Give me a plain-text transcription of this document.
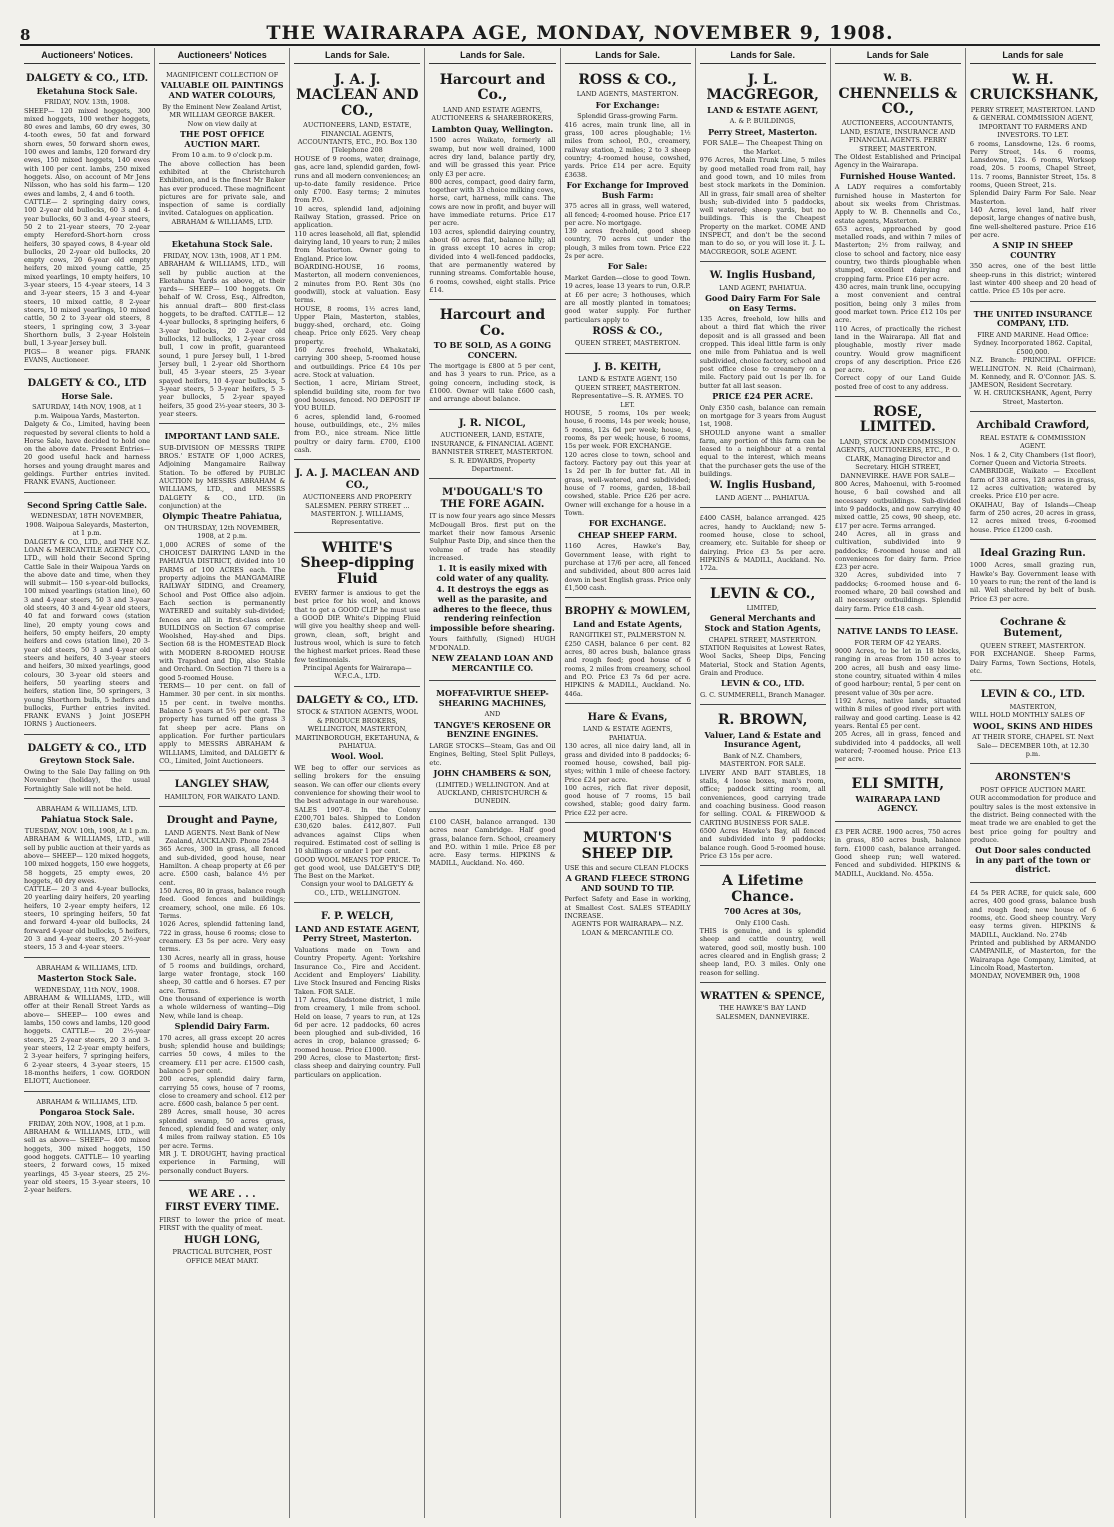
8	THE WAIRARAPA AGE, MONDAY, NOVEMBER 9, 1908.
Auctioneers' Notices.
DALGETY & CO., LTD.
Eketahuna Stock Sale.
FRIDAY, NOV. 13th, 1908.
SHEEP— 120 mixed hoggets, 300 mixed hoggets, 100 wether hoggets, 80 ewes and lambs, 60 dry ewes, 30 4-tooth ewes, 50 fat and forward shorn ewes, 50 forward shorn ewes, 100 ewes and lambs, 120 forward dry ewes, 150 mixed hoggets, 140 ewes with 100 per cent. lambs, 250 mixed hoggets. Also, on account of Mr Jens Nilsson, who has sold his farm— 120 ewes and lambs, 2, 4 and 6 tooth.
CATTLE— 2 springing dairy cows, 100 2-year old bullocks, 60 3 and 4-year bullocks, 60 3 and 4-year steers, 50 2 to 21-year steers, 70 2-year empty Hereford-Short-horn cross heifers, 30 spayed cows, 8 4-year old bullocks, 20 2-year old bullocks, 20 empty cows, 20 6-year old empty heifers, 20 mixed young cattle, 25 mixed yearlings, 10 empty heifers, 10 3-year steers, 15 4-year steers, 14 3 and 3-year steers, 15 3 and 4-year steers, 10 mixed cattle, 8 2-year steers, 10 mixed yearlings, 10 mixed cattle, 50 2 to 3-year old steers, 8 steers, 1 springing cow, 3 3-year Shorthorn bulls, 3 2-year Holstein bull, 1 3-year Jersey bull.
PIGS— 8 weaner pigs. FRANK EVANS, Auctioneer.
DALGETY & CO., LTD
Horse Sale.
SATURDAY, 14th NOV, 1908, at 1 p.m. Waipoua Yards, Masterton.
Dalgety & Co., Limited, having been requested by several clients to hold a Horse Sale, have decided to hold one on the above date. Present Entries— 20 good useful hack and harness horses and young draught mares and geldings. Further entries invited. FRANK EVANS, Auctioneer.
Second Spring Cattle Sale.
WEDNESDAY, 18TH NOVEMBER, 1908. Waipoua Saleyards, Masterton, at 1 p.m.
DALGETY & CO., LTD., and THE N.Z. LOAN & MERCANTILE AGENCY CO., LTD., will hold their Second Spring Cattle Sale in their Waipoua Yards on the above date and time, when they will submit— 150 s-year-old bullocks, 100 mixed yearlings (station line), 60 3 and 4-year steers, 50 3 and 3-year old steers, 40 3 and 4-year old steers, 40 fat and forward cows (station line), 20 empty young cows and heifers, 50 empty heifers, 20 empty heifers and cows (station line), 20 3-year old steers, 50 3 and 4-year old steers and heifers, 40 3-year steers and heifers, 30 mixed yearlings, good colours, 30 3-year old steers and heifers, 50 yearling steers and heifers, station line, 50 springers, 3 young Shorthorn bulls, 5 heifers and bullocks, Further entries invited. FRANK EVANS } Joint JOSEPH IORNS } Auctioneers.
DALGETY & CO., LTD
Greytown Stock Sale.
Owing to the Sale Day falling on 9th November (holiday), the usual Fortnightly Sale will not be held.
ABRAHAM & WILLIAMS, LTD.
Pahiatua Stock Sale.
TUESDAY, NOV. 10th, 1908, At 1 p.m.
ABRAHAM & WILLIAMS, LTD., will sell by public auction at their yards as above— SHEEP— 120 mixed hoggets, 100 mixed hoggets, 150 ewe hoggets, 58 hoggets, 25 empty ewes, 20 hoggets, 40 dry ewes.
CATTLE— 20 3 and 4-year bullocks, 20 yearling dairy heifers, 20 yearling heifers, 10 2-year empty heifers, 12 steers, 10 springing heifers, 50 fat and forward 4-year old bullocks, 24 forward 4-year old bullocks, 5 heifers, 20 3 and 4-year steers, 20 2½-year steers, 15 3 and 4-year steers.
ABRAHAM & WILLIAMS, LTD.
Masterton Stock Sale.
WEDNESDAY, 11th NOV., 1908.
ABRAHAM & WILLIAMS, LTD., will offer at their Renall Street Yards as above— SHEEP— 100 ewes and lambs, 150 cows and lambs, 120 good hoggets. CATTLE— 20 2½-year steers, 25 2-year steers, 20 3 and 3-year steers, 12 2-year empty heifers, 2 3-year heifers, 7 springing heifers, 6 2-year steers, 4 3-year steers, 15 18-months heifers, 1 cow. GORDON ELIOTT, Auctioneer.
ABRAHAM & WILLIAMS, LTD.
Pongaroa Stock Sale.
FRIDAY, 20th NOV., 1908, at 1 p.m.
ABRAHAM & WILLIAMS, LTD., will sell as above— SHEEP— 400 mixed hoggets, 300 mixed hoggets, 150 good hoggets. CATTLE— 10 yearling steers, 2 forward cows, 15 mixed yearlings, 45 3-year steers, 25 2½-year old steers, 15 3-year steers, 10 2-year heifers.
Auctioneers' Notices
MAGNIFICENT COLLECTION OF
VALUABLE OIL PAINTINGS AND WATER COLOURS,
By the Eminent New Zealand Artist, MR WILLIAM GEORGE BAKER.
Now on view daily at
THE POST OFFICE AUCTION MART.
From 10 a.m. to 9 o'clock p.m.
The above collection has been exhibited at the Christchurch Exhibition, and is the finest Mr Baker has ever produced. These magnificent pictures are for private sale, and inspection of same is cordially invited. Catalogues on application.
ABRAHAM & WILLIAMS, LTD.
Eketahuna Stock Sale.
FRIDAY, NOV. 13th, 1908, AT 1 P.M.
ABRAHAM & WILLIAMS, LTD., will sell by public auction at the Eketahuna Yards as above, at their yards— SHEEP— 100 hoggets. On behalf of W. Cross, Esq., Alfredton, his annual draft— 800 first-class hoggets, to be drafted. CATTLE— 12 4-year bullocks, 8 springing heifers, 6 3-year bullocks, 20 2-year old bullocks, 12 bullocks, 1 2-year cross bull, 1 cow in profit, guaranteed sound, 1 pure Jersey bull, 1 1-bred Jersey bull, 1 2-year old Shorthorn bull, 45 3-year steers, 25 3-year spayed heifers, 10 4-year bullocks, 5 3-year steers, 5 3-year heifers, 5 3-year bullocks, 5 2-year spayed heifers, 35 good 2½-year steers, 30 3-year steers.
IMPORTANT LAND SALE.
SUB-DIVISION OF MESSRS TRIPE BROS.' ESTATE OF 1,000 ACRES, Adjoining Mangamaire Railway Station. To be offered by PUBLIC AUCTION by MESSRS ABRAHAM & WILLIAMS, LTD., and MESSRS DALGETY & CO., LTD. (in conjunction) at the
Olympic Theatre Pahiatua,
ON THURSDAY, 12th NOVEMBER, 1908, at 2 p.m.
1,000 ACRES of some of the CHOICEST DAIRYING LAND in the PAHIATUA DISTRICT, divided into 10 FARMS of 100 ACRES each. The property adjoins the MANGAMAIRE RAILWAY SIDING, and Creamery, School and Post Office also adjoin. Each section is permanently WATERED and suitably sub-divided; fences are all in first-class order. BUILDINGS on Section 67 comprise Woolshed, Hay-shed and Dips. Section 68 is the HOMESTEAD Block with MODERN 8-ROOMED HOUSE with Trapshed and Dip, also Stable and Orchard. On Section 71 there is a good 5-roomed House.
TERMS— 10 per cent. on fall of Hammer. 30 per cent. in six months. 15 per cent. in twelve months. Balance 5 years at 5½ per cent. The property has turned off the grass 3 fat sheep per acre. Plans on application. For further particulars apply to MESSRS ABRAHAM & WILLIAMS, Limited, and DALGETY & CO., Limited, Joint Auctioneers.
LANGLEY SHAW,
HAMILTON, FOR WAIKATO LAND.
Drought and Payne,
LAND AGENTS. Next Bank of New Zealand, AUCKLAND. Phone 2544
365 Acres, 300 in grass, all fenced and sub-divided, good house, near Hamilton. A cheap property at £6 per acre. £500 cash, balance 4½ per cent.
150 Acres, 80 in grass, balance rough feed. Good fences and buildings; creamery, school, one mile. £6 10s. Terms.
1026 Acres, splendid fattening land, 722 in grass, house 6 rooms; close to creamery. £3 5s per acre. Very easy terms.
130 Acres, nearly all in grass, house of 5 rooms and buildings, orchard, large water frontage, stock 160 sheep, 30 cattle and 6 horses. £7 per acre. Terms.
One thousand of experience is worth a whole wilderness of wanting—Dig New, while land is cheap.
Splendid Dairy Farm.
170 acres, all grass except 20 acres bush; splendid house and buildings; carries 50 cows, 4 miles to the creamery. £11 per acre. £1500 cash, balance 5 per cent.
200 acres, splendid dairy farm, carrying 55 cows, house of 7 rooms, close to creamery and school. £12 per acre. £600 cash, balance 5 per cent.
289 Acres, small house, 30 acres splendid swamp, 50 acres grass, fenced, splendid feed and water, only 4 miles from railway station. £5 10s per acre. Terms.
MR J. T. DROUGHT, having practical experience in Farming, will personally conduct Buyers.
WE ARE . . .
FIRST EVERY TIME.
FIRST to lower the price of meat. FIRST with the quality of meat.
HUGH LONG,
PRACTICAL BUTCHER, POST OFFICE MEAT MART.
Lands for Sale.
J. A. J. MACLEAN AND CO.,
AUCTIONEERS, LAND, ESTATE, FINANCIAL AGENTS, ACCOUNTANTS, ETC., P.O. Box 130 [Telephone 208
HOUSE of 9 rooms, water, drainage, gas, acre land, splendid garden, fowl-runs and all modern conveniences; an up-to-date family residence. Price only £700. Easy terms; 2 minutes from P.O.
10 acres, splendid land, adjoining Railway Station, grassed. Price on application.
110 acres leasehold, all flat, splendid dairying land, 10 years to run; 2 miles from Masterton. Owner going to England. Price low.
BOARDING-HOUSE, 16 rooms, Masterton, all modern conveniences, 2 minutes from P.O. Rent 30s (no goodwill), stock at valuation. Easy terms.
HOUSE, 8 rooms, 1½ acres land, Upper Plain, Masterton, stables, buggy-shed, orchard, etc. Going cheap. Price only £625. Very cheap property.
160 Acres freehold, Whakataki, carrying 300 sheep, 5-roomed house and outbuildings. Price £4 10s per acre. Stock at valuation.
Section, 1 acre, Miriam Street, splendid building site, room for two good houses, fenced. NO DEPOSIT IF YOU BUILD.
6 acres, splendid land, 6-roomed house, outbuildings, etc., 2½ miles from P.O., nice stream. Nice little poultry or dairy farm. £700, £100 cash.
J. A. J. MACLEAN AND CO.,
AUCTIONEERS AND PROPERTY SALESMEN. PERRY STREET ... MASTERTON. J. WILLIAMS, Representative.
WHITE'S Sheep-dipping Fluid
EVERY farmer is anxious to get the best price for his wool, and knows that to get a GOOD CLIP he must use a GOOD DIP. White's Dipping Fluid will give you healthy sheep and well-grown, clean, soft, bright and lustrous wool, which is sure to fetch the highest market prices. Read these few testimonials.
Principal Agents for Wairarapa— W.F.C.A., LTD.
DALGETY & CO., LTD.
STOCK & STATION AGENTS, WOOL & PRODUCE BROKERS, WELLINGTON, MASTERTON, MARTINBOROUGH, EKETAHUNA, & PAHIATUA.
Wool. Wool.
WE beg to offer our services as selling brokers for the ensuing season. We can offer our clients every convenience for showing their wool to the best advantage in our warehouse.
SALES 1907-8. In the Colony £200,701 bales. Shipped to London £30,620 bales. £412,807. Full advances against Clips when required. Estimated cost of selling is 10 shillings or under 1 per cent.
GOOD WOOL MEANS TOP PRICE. To get good wool, use DALGETY'S DIP, The Best on the Market.
Consign your wool to DALGETY & CO., LTD., WELLINGTON.
F. P. WELCH,
LAND AND ESTATE AGENT, Perry Street, Masterton.
Valuations made on Town and Country Property. Agent: Yorkshire Insurance Co., Fire and Accident. Accident and Employers' Liability. Live Stock Insured and Fencing Risks Taken. FOR SALE.
117 Acres, Gladstone district, 1 mile from creamery, 1 mile from school. Held on lease, 7 years to run, at 12s 6d per acre. 12 paddocks, 60 acres been ploughed and sub-divided, 16 acres in crop, balance grassed; 6-roomed house. Price £1000.
290 Acres, close to Masterton; first-class sheep and dairying country. Full particulars on application.
Lands for Sale.
Harcourt and Co.,
LAND AND ESTATE AGENTS, AUCTIONEERS & SHAREBROKERS,
Lambton Quay, Wellington.
1500 acres Waikato, formerly all swamp, but now well drained, 1000 acres dry land, balance partly dry, and will be grassed this year. Price only £3 per acre.
800 acres, compact, good dairy farm, together with 33 choice milking cows, horse, cart, harness, milk cans. The cows are now in profit, and buyer will have immediate returns. Price £17 per acre.
103 acres, splendid dairying country, about 60 acres flat, balance hilly; all in grass except 10 acres in crop; divided into 4 well-fenced paddocks, that are permanently watered by running streams. Comfortable house, 6 rooms, cowshed, eight stalls. Price £14.
Harcourt and Co.
TO BE SOLD, AS A GOING CONCERN.
The mortgage is £800 at 5 per cent, and has 3 years to run. Price, as a going concern, including stock, is £1000. Owner will take £600 cash, and arrange about balance.
J. R. NICOL,
AUCTIONEER, LAND, ESTATE, INSURANCE, & FINANCIAL AGENT. BANNISTER STREET, MASTERTON. S. R. EDWARDS, Property Department.
M'DOUGALL'S TO THE FORE AGAIN.
IT is now four years ago since Messrs McDougall Bros. first put on the market their now famous Arsenic Sulphur Paste Dip, and since then the volume of trade has steadily increased.
1. It is easily mixed with cold water of any quality.
4. It destroys the eggs as well as the parasite, and adheres to the fleece, thus rendering reinfection impossible before shearing.
Yours faithfully, (Signed) HUGH M'DONALD.
NEW ZEALAND LOAN AND MERCANTILE CO.
MOFFAT-VIRTUE SHEEP-SHEARING MACHINES,
AND
TANGYE'S KEROSENE OR BENZINE ENGINES.
LARGE STOCKS—Steam, Gas and Oil Engines, Belting, Steel Split Pulleys, etc.
JOHN CHAMBERS & SON,
(LIMITED.) WELLINGTON. And at AUCKLAND, CHRISTCHURCH & DUNEDIN.
£100 CASH, balance arranged. 130 acres near Cambridge. Half good grass, balance fern. School, creamery and P.O. within 1 mile. Price £8 per acre. Easy terms. HIPKINS & MADILL, Auckland. No. 460.
Lands for Sale.
ROSS & CO.,
LAND AGENTS, MASTERTON.
For Exchange:
Splendid Grass-growing Farm.
416 acres, main trunk line, all in grass, 100 acres ploughable; 1½ miles from school, P.O., creamery, railway station, 2 miles; 2 to 3 sheep country; 4-roomed house, cowshed, yards. Price £14 per acre. Equity £3638.
For Exchange for Improved Bush Farm:
375 acres all in grass, well watered, all fenced; 4-roomed house. Price £17 per acre. No mortgage.
139 acres freehold, good sheep country, 70 acres cut under the plough, 3 miles from town. Price £22 2s per acre.
For Sale:
Market Garden—close to good Town. 19 acres, lease 13 years to run, O.R.P. at £6 per acre; 3 hothouses, which are all mostly planted in tomatoes; good water supply. For further particulars apply to
ROSS & CO.,
QUEEN STREET, MASTERTON.
J. B. KEITH,
LAND & ESTATE AGENT, 150 QUEEN STREET, MASTERTON. Representative—S. R. AYMES. TO LET.
HOUSE, 5 rooms, 10s per week; house, 6 rooms, 14s per week; house, 5 rooms, 12s 6d per week; house, 4 rooms, 8s per week; house, 6 rooms, 15s per week. FOR EXCHANGE.
120 acres close to town, school and factory. Factory pay out this year at 1s 2d per lb for butter fat. All in grass, well-watered, and subdivided; house of 7 rooms, garden, 18-bail cowshed, stable. Price £26 per acre. Owner will exchange for a house in a Town.
FOR EXCHANGE.
CHEAP SHEEP FARM.
1160 Acres, Hawke's Bay, Government lease, with right to purchase at 17/6 per acre, all fenced and subdivided, about 800 acres laid down in best English grass. Price only £1,500 cash.
BROPHY & MOWLEM,
Land and Estate Agents,
RANGITIKEI ST., PALMERSTON N.
£250 CASH, balance 6 per cent. 82 acres, 80 acres bush, balance grass and rough feed; good house of 6 rooms, 2 miles from creamery, school and P.O. Price £3 7s 6d per acre. HIPKINS & MADILL, Auckland. No. 446a.
Hare & Evans,
LAND & ESTATE AGENTS, PAHIATUA.
130 acres, all nice dairy land, all in grass and divided into 8 paddocks; 6-roomed house, cowshed, bail pig-styes; within 1 mile of cheese factory. Price £24 per acre.
100 acres, rich flat river deposit, good house of 7 rooms, 15 bail cowshed, stable; good dairy farm. Price £22 per acre.
MURTON'S SHEEP DIP.
USE this and secure CLEAN FLOCKS
A GRAND FLEECE STRONG AND SOUND TO TIP.
Perfect Safety and Ease in working, at Smallest Cost. SALES STEADILY INCREASE.
AGENTS FOR WAIRARAPA— N.Z. LOAN & MERCANTILE CO.
Lands for Sale.
J. L. MACGREGOR,
LAND & ESTATE AGENT,
A. & P. BUILDINGS,
Perry Street, Masterton.
FOR SALE— The Cheapest Thing on the Market.
976 Acres, Main Trunk Line, 5 miles by good metalled road from rail, hay and good town, and 10 miles from best stock markets in the Dominion. All in grass, fair small area of shelter bush; sub-divided into 5 paddocks, well watered; sheep yards, but no buildings. This is the Cheapest Property on the market. COME AND INSPECT, and don't be the second man to do so, or you will lose it. J. L. MACGREGOR, SOLE AGENT.
W. Inglis Husband,
LAND AGENT, PAHIATUA.
Good Dairy Farm For Sale on Easy Terms.
135 Acres, freehold, low hills and about a third flat which the river deposit and is all grassed and been cropped. This ideal little farm is only one mile from Pahiatua and is well subdivided, choice factory, school and post office close to creamery on a mile. Factory paid out 1s per lb. for butter fat all last season.
PRICE £24 PER ACRE.
Only £350 cash, balance can remain on mortgage for 3 years from August 1st, 1908.
SHOULD anyone want a smaller farm, any portion of this farm can be leased to a neighbour at a rental equal to the interest, which means that the purchaser gets the use of the buildings.
W. Inglis Husband,
LAND AGENT ... PAHIATUA.
£400 CASH, balance arranged. 425 acres, handy to Auckland; new 5-roomed house, close to school, creamery, etc. Suitable for sheep or dairying. Price £3 5s per acre. HIPKINS & MADILL, Auckland. No. 172a.
LEVIN & CO.,
LIMITED,
General Merchants and Stock and Station Agents,
CHAPEL STREET, MASTERTON.
STATION Requisites at Lowest Rates, Wool Sacks, Sheep Dips, Fencing Material, Stock and Station Agents, Grain and Produce.
LEVIN & CO., LTD.
G. C. SUMMERELL, Branch Manager.
R. BROWN,
Valuer, Land & Estate and Insurance Agent,
Bank of N.Z. Chambers, MASTERTON. FOR SALE.
LIVERY AND BAIT STABLES, 18 stalls, 4 loose boxes, man's room, office; paddock sitting room, all conveniences, good carrying trade and coaching business. Good reason for selling. COAL & FIREWOOD & CARTING BUSINESS FOR SALE.
6500 Acres Hawke's Bay, all fenced and subdivided into 9 paddocks; balance rough. Good 5-roomed house. Price £3 15s per acre.
A Lifetime Chance.
700 Acres at 30s,
Only £100 Cash.
THIS is genuine, and is splendid sheep and cattle country, well watered, good soil, mostly bush. 100 acres cleared and in English grass; 2 sheep land, P.O. 3 miles. Only one reason for selling.
WRATTEN & SPENCE,
THE HAWKE'S BAY LAND SALESMEN, DANNEVIRKE.
Lands for Sale
W. B.
CHENNELLS & CO.,
AUCTIONEERS, ACCOUNTANTS, LAND, ESTATE, INSURANCE AND FINANCIAL AGENTS. PERRY STREET, MASTERTON.
The Oldest Established and Principal Agency in the Wairarapa.
Furnished House Wanted.
A LADY requires a comfortably furnished house in Masterton for about six weeks from Christmas. Apply to W. B. Chennells and Co., estate agents, Masterton.
653 acres, approached by good metalled roads, and within 7 miles of Masterton; 2½ from railway, and close to school and factory, nice easy country, two thirds ploughable when stumped, excellent dairying and cropping farm. Price £16 per acre.
430 acres, main trunk line, occupying a most convenient and central position, being only 3 miles from good market town. Price £12 10s per acre.
110 Acres, of practically the richest land in the Wairarapa. All flat and ploughable, mostly river made country. Would grow magnificent crops of any description. Price £26 per acre.
Correct copy of our Land Guide posted free of cost to any address.
ROSE, LIMITED.
LAND, STOCK AND COMMISSION AGENTS, AUCTIONEERS, ETC., P. O. CLARK, Managing Director and Secretary. HIGH STREET, DANNEVIRKE. HAVE FOR SALE—
800 Acres, Mahoenui, with 5-roomed house, 6 bail cowshed and all necessary outbuildings. Sub-divided into 9 paddocks, and now carrying 40 mixed cattle, 25 cows, 90 sheep, etc. £17 per acre. Terms arranged.
240 Acres, all in grass and cultivation, subdivided into 9 paddocks; 6-roomed house and all conveniences for dairy farm. Price £23 per acre.
320 Acres, subdivided into 7 paddocks; 6-roomed house and 6-roomed whare, 20 bail cowshed and all necessary outbuildings. Splendid dairy farm. Price £18 cash.
NATIVE LANDS TO LEASE.
FOR TERM OF 42 YEARS.
9000 Acres, to be let in 18 blocks, ranging in areas from 150 acres to 200 acres, all bush and easy lime-stone country, situated within 4 miles of good harbour; rental, 5 per cent on present value of 30s per acre.
1192 Acres, native lands, situated within 8 miles of good river port with railway and good carting. Lease is 42 years. Rental £5 per cent.
205 Acres, all in grass, fenced and subdivided into 4 paddocks, all well watered; 7-roomed house. Price £13 per acre.
ELI SMITH,
WAIRARAPA LAND AGENCY.
£3 PER ACRE. 1900 acres, 750 acres in grass, 850 acres bush, balance fern. £1000 cash, balance arranged. Good sheep run; well watered. Fenced and subdivided. HIPKINS & MADILL, Auckland. No. 455a.
Lands for sale
W. H. CRUICKSHANK,
PERRY STREET, MASTERTON. LAND & GENERAL COMMISSION AGENT, IMPORTANT TO FARMERS AND INVESTORS. TO LET.
6 rooms, Lansdowne, 12s. 6 rooms, Perry Street, 14s. 6 rooms, Lansdowne, 12s. 6 rooms, Worksop road, 20s. 5 rooms, Chapel Street, 11s. 7 rooms, Bannister Street, 15s. 8 rooms, Queen Street, 21s.
Splendid Dairy Farm For Sale. Near Masterton.
140 Acres, level land, half river deposit, large changes of native bush, fine well-sheltered pasture. Price £16 per acre.
A SNIP IN SHEEP COUNTRY
350 acres, one of the best little sheep-runs in this district; wintered last winter 400 sheep and 20 head of cattle. Price £5 10s per acre.
THE UNITED INSURANCE COMPANY, LTD.
FIRE AND MARINE. Head Office: Sydney. Incorporated 1862. Capital, £500,000.
N.Z. Branch: PRINCIPAL OFFICE: WELLINGTON. N. Reid (Chairman), M. Kennedy, and R. O'Connor. JAS. S. JAMESON, Resident Secretary.
W. H. CRUICKSHANK, Agent, Perry Street, Masterton.
Archibald Crawford,
REAL ESTATE & COMMISSION AGENT.
Nos. 1 & 2, City Chambers (1st floor), Corner Queen and Victoria Streets.
CAMBRIDGE, Waikato — Excellent farm of 338 acres, 128 acres in grass, 12 acres cultivation; watered by creeks. Price £10 per acre.
OKAIHAU, Bay of Islands—Cheap farm of 250 acres, 20 acres in grass, 12 acres mixed trees, 6-roomed house. Price £1200 cash.
Ideal Grazing Run.
1000 Acres, small grazing run, Hawke's Bay. Government lease with 10 years to run; the rent of the land is nil. Well sheltered by belt of bush. Price £3 per acre.
Cochrane & Butement,
QUEEN STREET, MASTERTON.
FOR EXCHANGE. Sheep Farms, Dairy Farms, Town Sections, Hotels, etc.
LEVIN & CO., LTD.
MASTERTON,
WILL HOLD MONTHLY SALES OF
WOOL, SKINS AND HIDES
AT THEIR STORE, CHAPEL ST. Next Sale— DECEMBER 10th, at 12.30 p.m.
ARONSTEN'S
POST OFFICE AUCTION MART.
OUR accommodation for produce and poultry sales is the most extensive in the district. Being connected with the meat trade we are enabled to get the best price going for poultry and produce.
Out Door sales conducted in any part of the town or district.
£4 5s PER ACRE, for quick sale, 600 acres, 400 good grass, balance bush and rough feed; new house of 6 rooms, etc. Good sheep country. Very easy terms given. HIPKINS & MADILL, Auckland. No. 274b
Printed and published by ARMANDO CAMPANILE, of Masterton, for the Wairarapa Age Company, Limited, at Lincoln Road, Masterton.
MONDAY, NOVEMBER 9th, 1908
